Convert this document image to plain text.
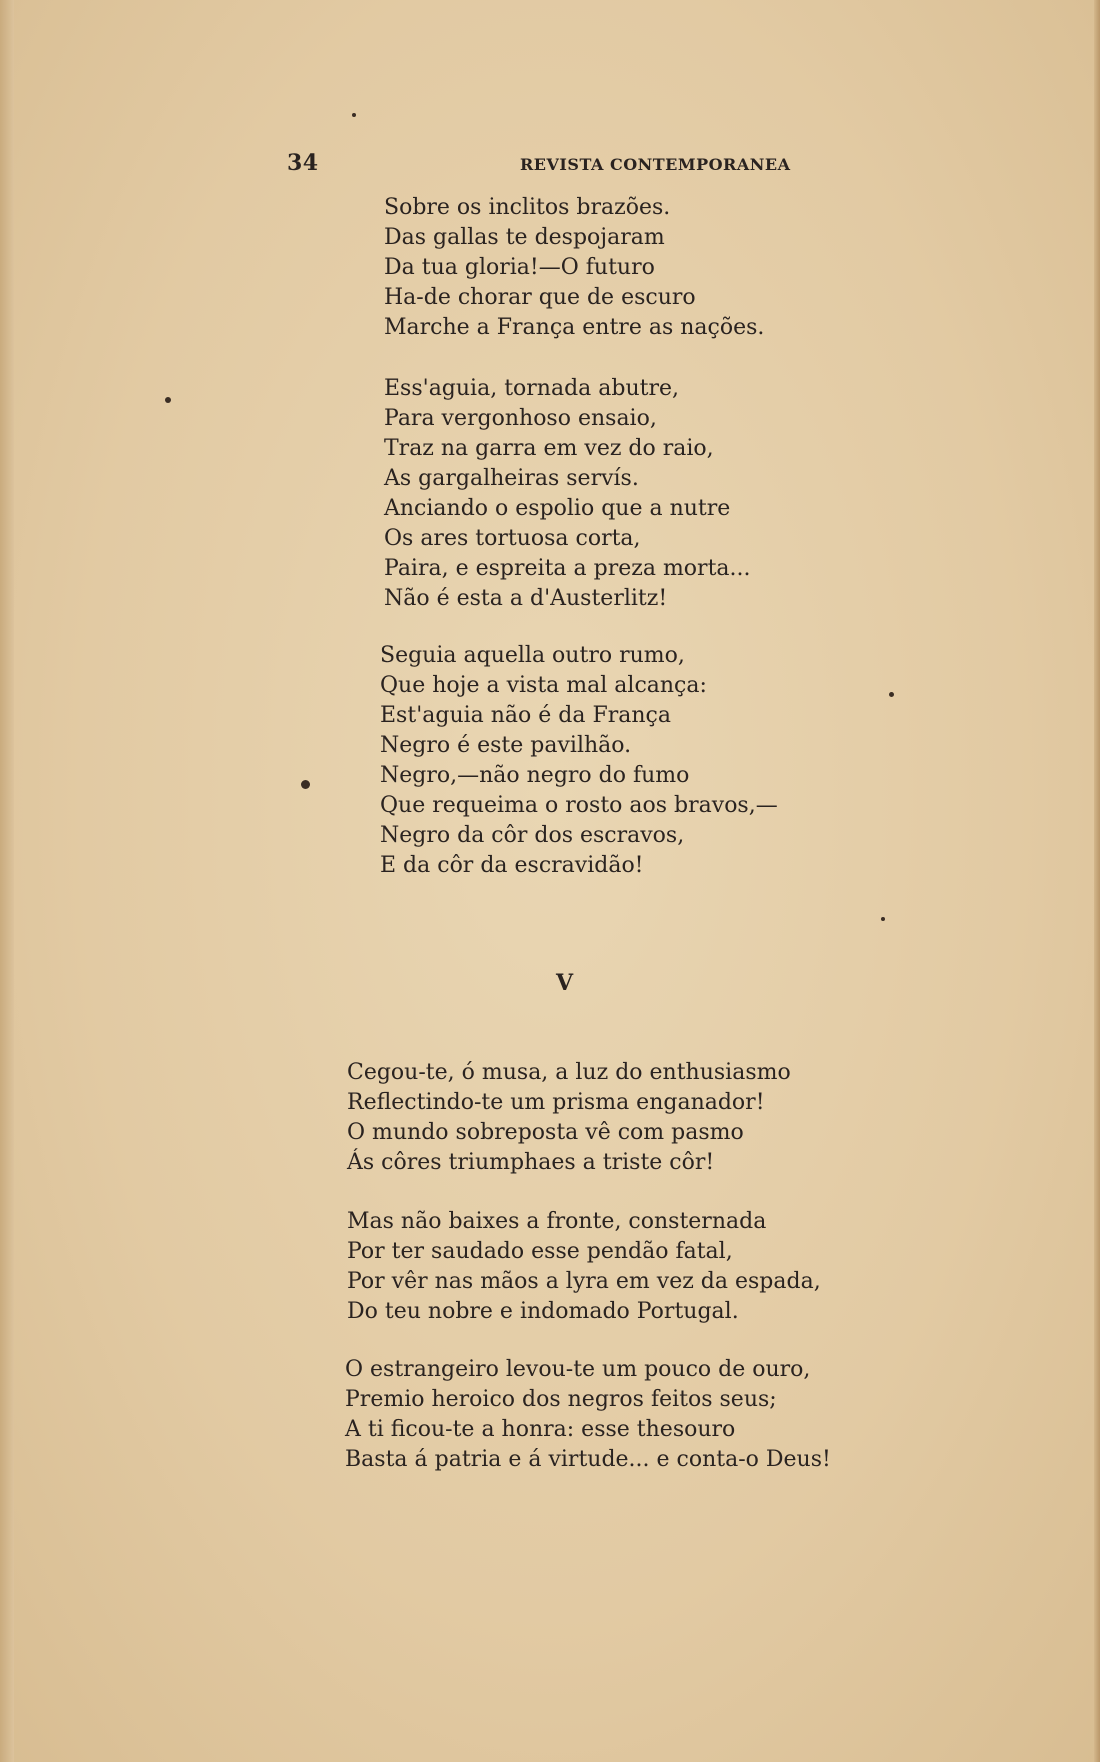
34	REVISTA CONTEMPORANEA
Sobre os inclitos brazões.
Das gallas te despojaram
Da tua gloria!—O futuro
Ha-de chorar que de escuro
Marche a França entre as nações.
Ess'aguia, tornada abutre,
Para vergonhoso ensaio,
Traz na garra em vez do raio,
As gargalheiras servís.
Anciando o espolio que a nutre
Os ares tortuosa corta,
Paira, e espreita a preza morta...
Não é esta a d'Austerlitz!
Seguia aquella outro rumo,
Que hoje a vista mal alcança:
Est'aguia não é da França
Negro é este pavilhão.
Negro,—não negro do fumo
Que requeima o rosto aos bravos,—
Negro da côr dos escravos,
E da côr da escravidão!
V
Cegou-te, ó musa, a luz do enthusiasmo
Reflectindo-te um prisma enganador!
O mundo sobreposta vê com pasmo
Ás côres triumphaes a triste côr!
Mas não baixes a fronte, consternada
Por ter saudado esse pendão fatal,
Por vêr nas mãos a lyra em vez da espada,
Do teu nobre e indomado Portugal.
O estrangeiro levou-te um pouco de ouro,
Premio heroico dos negros feitos seus;
A ti ficou-te a honra: esse thesouro
Basta á patria e á virtude... e conta-o Deus!
